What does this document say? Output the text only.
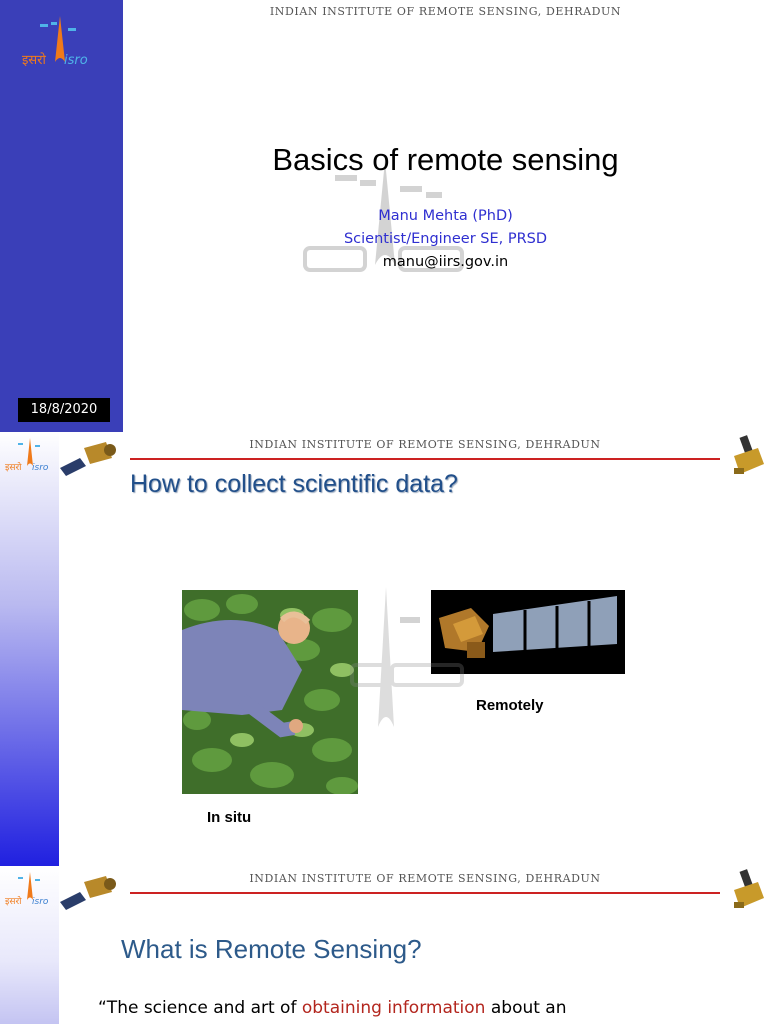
इसरो isro
18/8/2020
INDIAN INSTITUTE OF REMOTE SENSING, DEHRADUN
Basics of remote sensing
Manu Mehta (PhD)
Scientist/Engineer SE, PRSD
manu@iirs.gov.in
इसरो isro
INDIAN INSTITUTE OF REMOTE SENSING, DEHRADUN
How to collect scientific data?
Remotely
In situ
इसरो isro
INDIAN INSTITUTE OF REMOTE SENSING, DEHRADUN
What is Remote Sensing?
“The science and art of obtaining information about an
